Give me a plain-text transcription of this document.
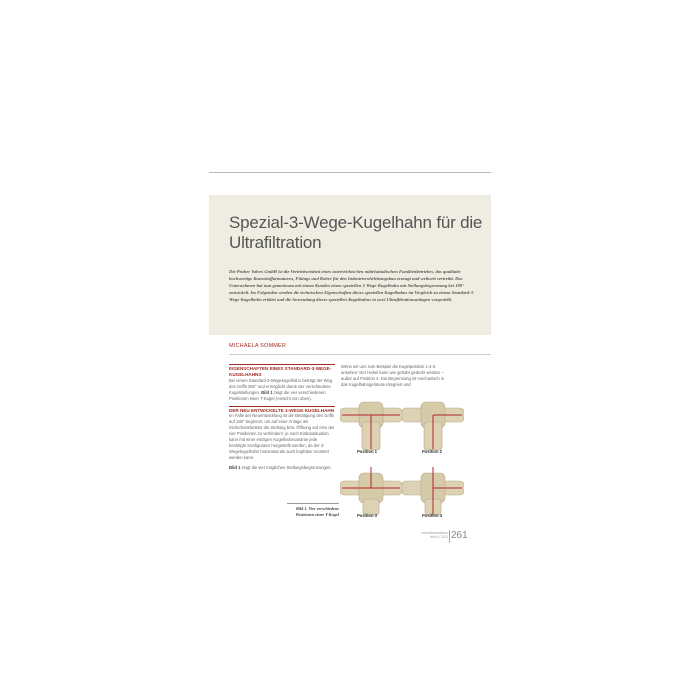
Spezial-3-Wege-Kugelhahn für die Ultrafiltration

Die Praher Valves GmbH ist die Vertriebseinheit eines österreichischen mittelständischen Familienbetriebes, das qualitativ hochwertige Kunststoffarmaturen, Fittings und Rohre für den Industrierohrleitungsbau erzeugt und weltweit vertreibt. Das Unternehmen hat nun gemeinsam mit einem Kunden einen speziellen 3-Wege-Kugelhahn mit Stellungsbegrenzung bei 180° entwickelt. Im Folgenden werden die technischen Eigenschaften dieses speziellen Kugelhahns im Vergleich zu einem Standard-3-Wege-Kugelhahn erklärt und die Anwendung dieses speziellen Kugelhahns in zwei Ultrafiltrationsanlagen vorgestellt.

MICHAELA SOMMER
EIGENSCHAFTEN EINES STANDARD-3-WEGE-KUGELHAHNS

Bei einem Standard-3-Wegekugelhahn beträgt der Weg des Griffs 360° und ermöglicht damit vier verschiedene Kugelstellungen. Bild 1 zeigt die vier verschiedenen Positionen einer T-Kugel (Ansicht von oben).

DER NEU ENTWICKELTE 3-WEGE-KUGELHAHN

Im Falle der Neuentwicklung ist die Betätigung des Griffs auf 180° begrenzt, um auf einer Anlage als Sicherheitsfunktor die Stellung bzw. Öffnung auf eine der vier Positionen zu verhindern: je nach Einbausituation kann mit einer einzigen Kugelhahnvariante jede benötigte Konfigurator hergestellt werden, da der 3-Wegekugelhahn horizontal als auch kopfüber montiert werden kann.

Bild 1 zeigt die vier möglichen Stellungsbegrenzungen.

Wenn wir uns zum Beispiel die Kugelposition 1-2-3 ansehen: Der Hebel kann wie gehabt gedreht werden – außer auf Position 4. Die Begrenzung ist mechanisch in das Kugelhahngehäuse integriert und

Bild 1. Vier verschiedene Positionen einer T-Kugel
Position 1	Position 2
Position 3	Position 4
Industriearmaturen
Heft 4 / 2011 261
